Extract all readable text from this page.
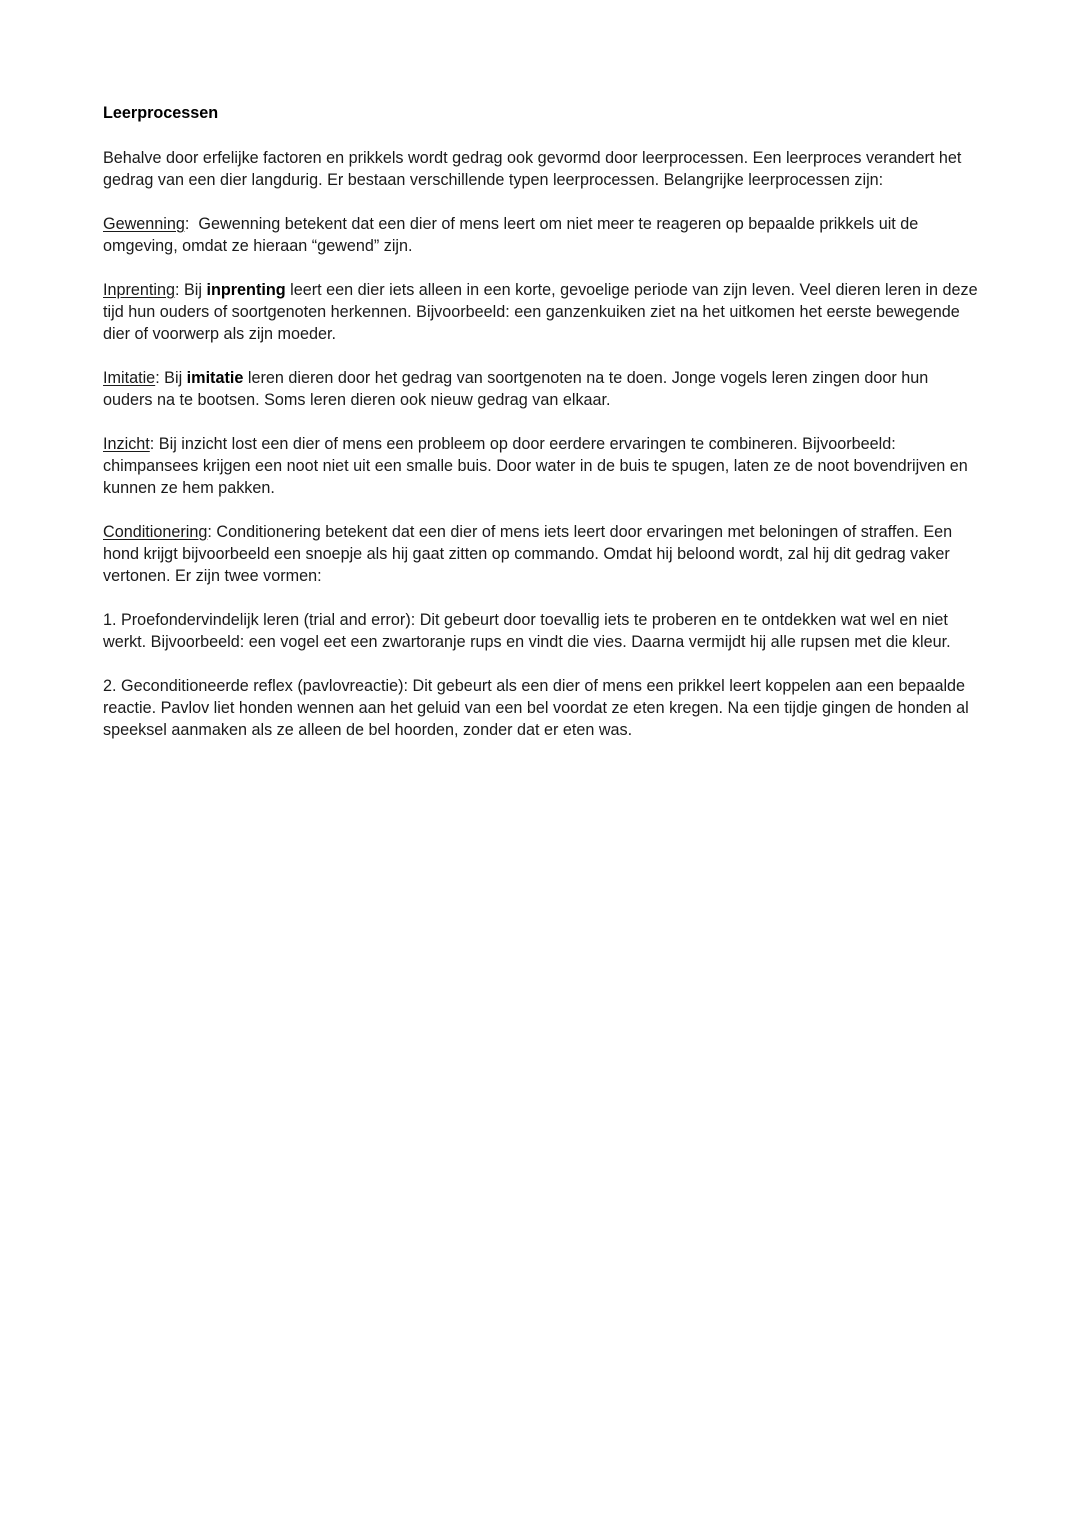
Leerprocessen

Behalve door erfelijke factoren en prikkels wordt gedrag ook gevormd door leerprocessen. Een leerproces verandert het gedrag van een dier langdurig. Er bestaan verschillende typen leerprocessen. Belangrijke leerprocessen zijn:

Gewenning:  Gewenning betekent dat een dier of mens leert om niet meer te reageren op bepaalde prikkels uit de omgeving, omdat ze hieraan “gewend” zijn.

Inprenting: Bij inprenting leert een dier iets alleen in een korte, gevoelige periode van zijn leven. Veel dieren leren in deze tijd hun ouders of soortgenoten herkennen. Bijvoorbeeld: een ganzenkuiken ziet na het uitkomen het eerste bewegende dier of voorwerp als zijn moeder.

Imitatie: Bij imitatie leren dieren door het gedrag van soortgenoten na te doen. Jonge vogels leren zingen door hun ouders na te bootsen. Soms leren dieren ook nieuw gedrag van elkaar.

Inzicht: Bij inzicht lost een dier of mens een probleem op door eerdere ervaringen te combineren. Bijvoorbeeld: chimpansees krijgen een noot niet uit een smalle buis. Door water in de buis te spugen, laten ze de noot bovendrijven en kunnen ze hem pakken.

Conditionering: Conditionering betekent dat een dier of mens iets leert door ervaringen met beloningen of straffen. Een hond krijgt bijvoorbeeld een snoepje als hij gaat zitten op commando. Omdat hij beloond wordt, zal hij dit gedrag vaker vertonen. Er zijn twee vormen:

1. Proefondervindelijk leren (trial and error): Dit gebeurt door toevallig iets te proberen en te ontdekken wat wel en niet werkt. Bijvoorbeeld: een vogel eet een zwartoranje rups en vindt die vies. Daarna vermijdt hij alle rupsen met die kleur.

2. Geconditioneerde reflex (pavlovreactie): Dit gebeurt als een dier of mens een prikkel leert koppelen aan een bepaalde reactie. Pavlov liet honden wennen aan het geluid van een bel voordat ze eten kregen. Na een tijdje gingen de honden al speeksel aanmaken als ze alleen de bel hoorden, zonder dat er eten was.
